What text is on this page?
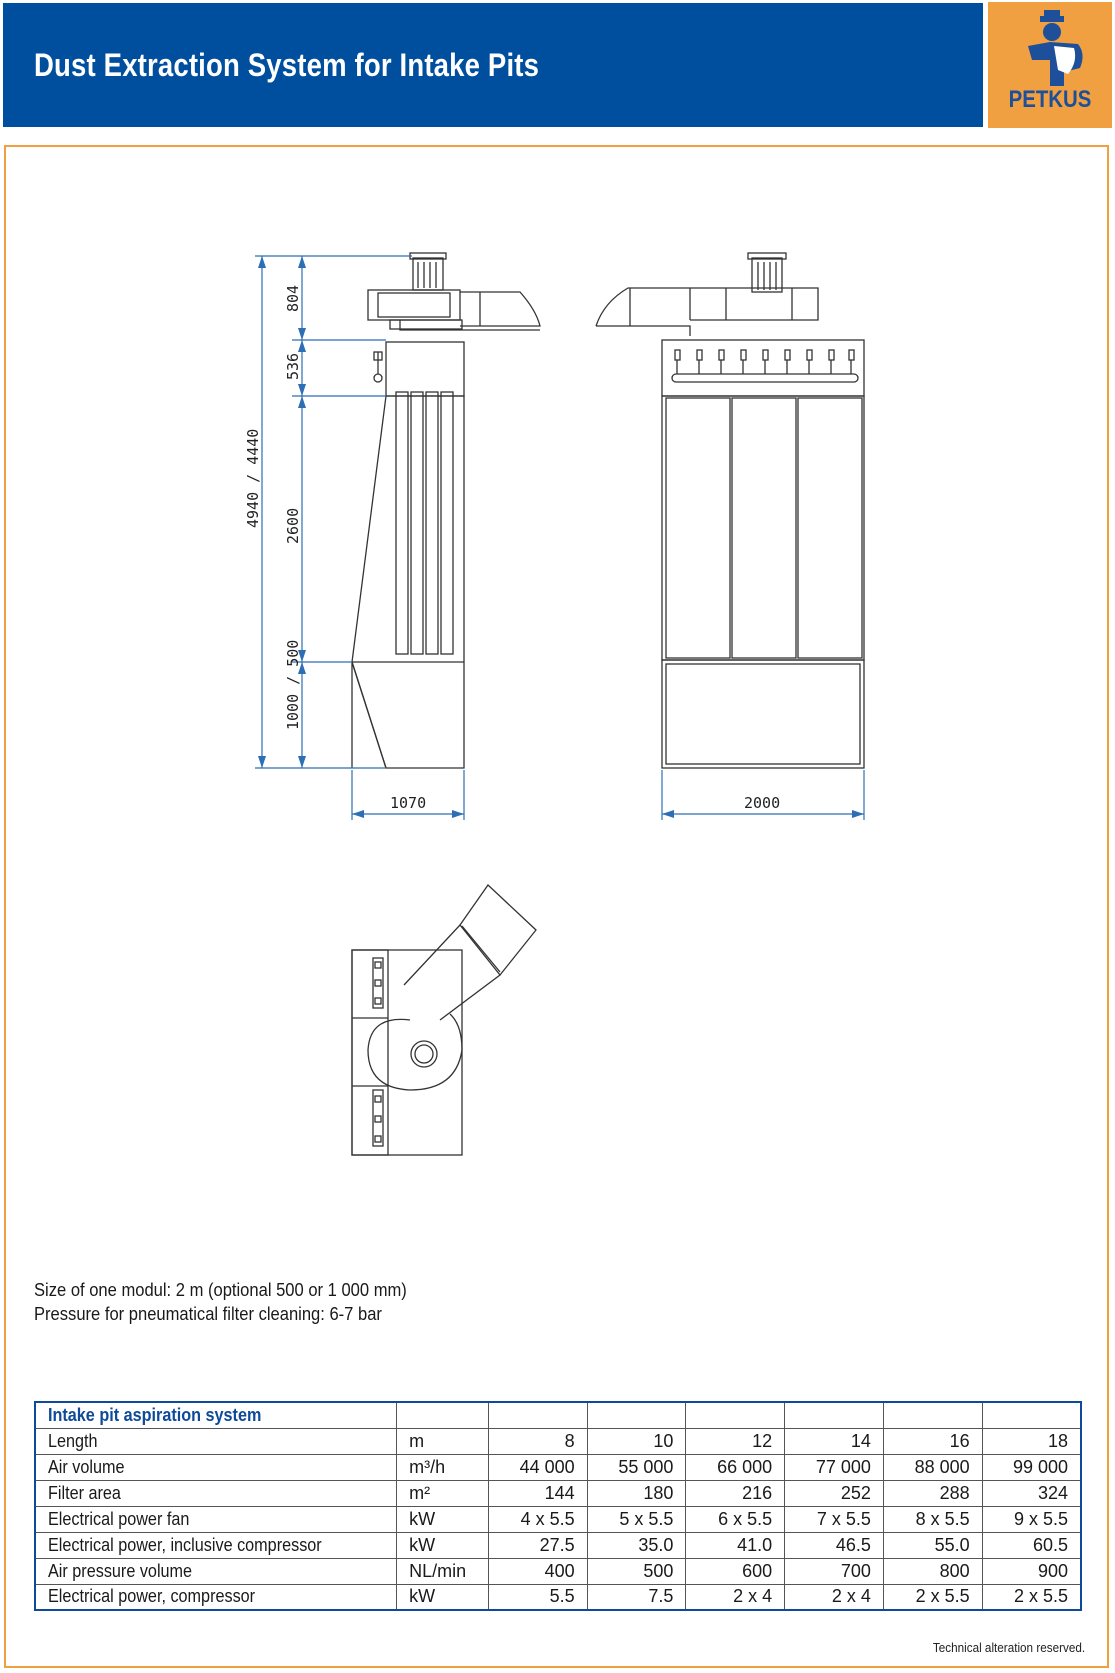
Dust Extraction System for Intake Pits
PETKUS
804
536
4940 / 4440 2600
1000 / 500
1070	2000
Size of one modul: 2 m (optional 500 or 1 000 mm)
Pressure for pneumatical filter cleaning: 6-7 bar
Intake pit aspiration system							
Length	m	8	10	12	14	16	18
Air volume	m³/h	44 000	55 000	66 000	77 000	88 000	99 000
Filter area	m²	144	180	216	252	288	324
Electrical power fan	kW	4 x 5.5	5 x 5.5	6 x 5.5	7 x 5.5	8 x 5.5	9 x 5.5
Electrical power, inclusive compressor	kW	27.5	35.0	41.0	46.5	55.0	60.5
Air pressure volume	NL/min	400	500	600	700	800	900
Electrical power, compressor	kW	5.5	7.5	2 x 4	2 x 4	2 x 5.5	2 x 5.5
Technical alteration reserved.
